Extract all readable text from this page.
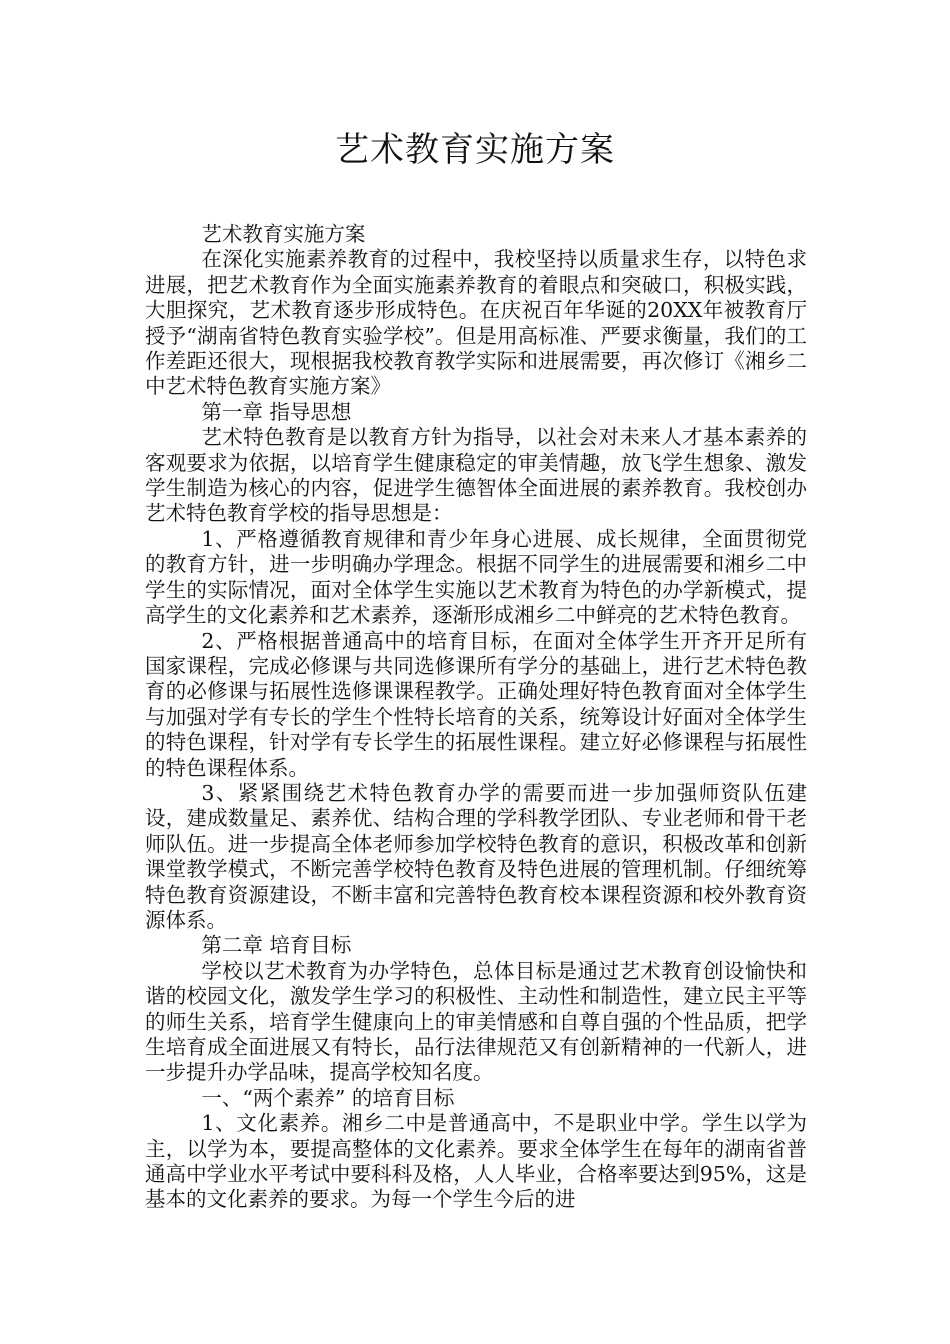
艺术教育实施方案

艺术教育实施方案

在深化实施素养教育的过程中，我校坚持以质量求生存，以特色求进展，把艺术教育作为全面实施素养教育的着眼点和突破口，积极实践，大胆探究，艺术教育逐步形成特色。在庆祝百年华诞的20XX年被教育厅授予“湖南省特色教育实验学校”。但是用高标准、严要求衡量，我们的工作差距还很大，现根据我校教育教学实际和进展需要，再次修订《湘乡二中艺术特色教育实施方案》

第一章 指导思想

艺术特色教育是以教育方针为指导，以社会对未来人才基本素养的客观要求为依据，以培育学生健康稳定的审美情趣，放飞学生想象、激发学生制造为核心的内容，促进学生德智体全面进展的素养教育。我校创办艺术特色教育学校的指导思想是：

1、严格遵循教育规律和青少年身心进展、成长规律，全面贯彻党的教育方针，进一步明确办学理念。根据不同学生的进展需要和湘乡二中学生的实际情况，面对全体学生实施以艺术教育为特色的办学新模式，提高学生的文化素养和艺术素养，逐渐形成湘乡二中鲜亮的艺术特色教育。

2、严格根据普通高中的培育目标，在面对全体学生开齐开足所有国家课程，完成必修课与共同选修课所有学分的基础上，进行艺术特色教育的必修课与拓展性选修课课程教学。正确处理好特色教育面对全体学生与加强对学有专长的学生个性特长培育的关系，统筹设计好面对全体学生的特色课程，针对学有专长学生的拓展性课程。建立好必修课程与拓展性的特色课程体系。

3、紧紧围绕艺术特色教育办学的需要而进一步加强师资队伍建设，建成数量足、素养优、结构合理的学科教学团队、专业老师和骨干老师队伍。进一步提高全体老师参加学校特色教育的意识，积极改革和创新课堂教学模式，不断完善学校特色教育及特色进展的管理机制。仔细统筹特色教育资源建设，不断丰富和完善特色教育校本课程资源和校外教育资源体系。

第二章 培育目标

学校以艺术教育为办学特色，总体目标是通过艺术教育创设愉快和谐的校园文化，激发学生学习的积极性、主动性和制造性，建立民主平等的师生关系，培育学生健康向上的审美情感和自尊自强的个性品质，把学生培育成全面进展又有特长，品行法律规范又有创新精神的一代新人，进一步提升办学品味，提高学校知名度。

一、“两个素养” 的培育目标

1、文化素养。湘乡二中是普通高中，不是职业中学。学生以学为主，以学为本，要提高整体的文化素养。要求全体学生在每年的湖南省普通高中学业水平考试中要科科及格，人人毕业，合格率要达到95%，这是基本的文化素养的要求。为每一个学生今后的进
